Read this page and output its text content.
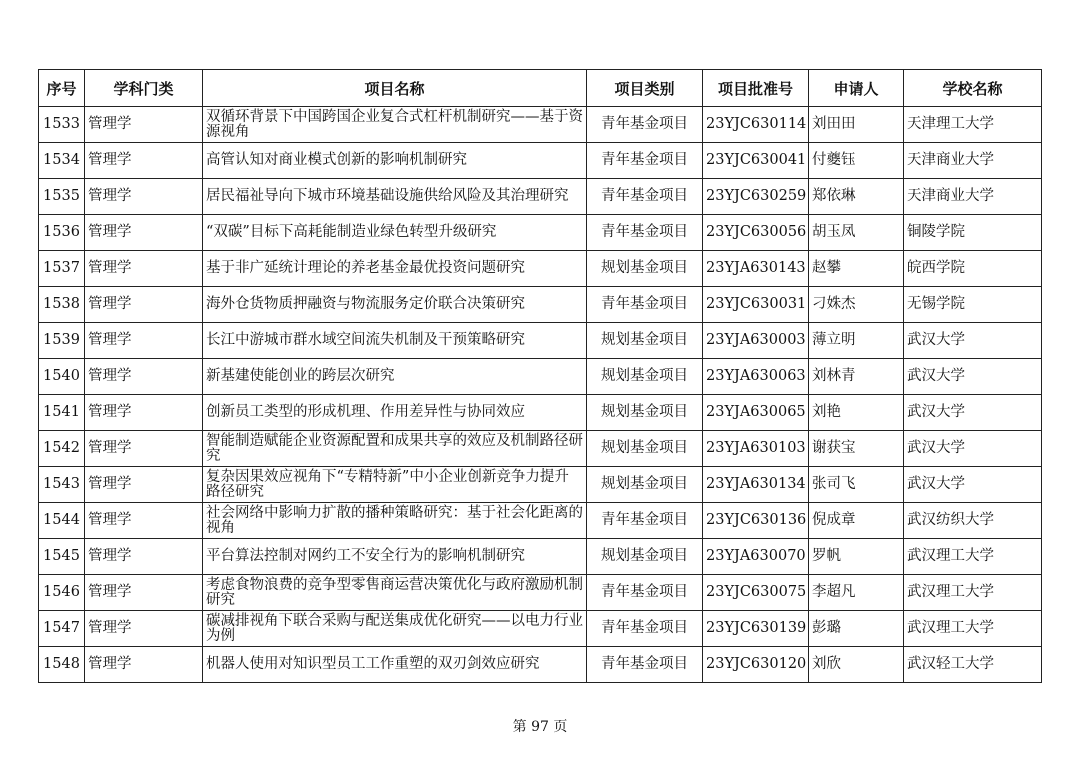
序号	学科门类	项目名称	项目类别	项目批准号	申请人	学校名称
1533	管理学	双循环背景下中国跨国企业复合式杠杆机制研究——基于资源视角	青年基金项目	23YJC630114	刘田田	天津理工大学
1534	管理学	高管认知对商业模式创新的影响机制研究	青年基金项目	23YJC630041	付夔钰	天津商业大学
1535	管理学	居民福祉导向下城市环境基础设施供给风险及其治理研究	青年基金项目	23YJC630259	郑依琳	天津商业大学
1536	管理学	“双碳”目标下高耗能制造业绿色转型升级研究	青年基金项目	23YJC630056	胡玉凤	铜陵学院
1537	管理学	基于非广延统计理论的养老基金最优投资问题研究	规划基金项目	23YJA630143	赵攀	皖西学院
1538	管理学	海外仓货物质押融资与物流服务定价联合决策研究	青年基金项目	23YJC630031	刁姝杰	无锡学院
1539	管理学	长江中游城市群水域空间流失机制及干预策略研究	规划基金项目	23YJA630003	薄立明	武汉大学
1540	管理学	新基建使能创业的跨层次研究	规划基金项目	23YJA630063	刘林青	武汉大学
1541	管理学	创新员工类型的形成机理、作用差异性与协同效应	规划基金项目	23YJA630065	刘艳	武汉大学
1542	管理学	智能制造赋能企业资源配置和成果共享的效应及机制路径研究	规划基金项目	23YJA630103	谢获宝	武汉大学
1543	管理学	复杂因果效应视角下“专精特新”中小企业创新竞争力提升路径研究	规划基金项目	23YJA630134	张司飞	武汉大学
1544	管理学	社会网络中影响力扩散的播种策略研究：基于社会化距离的视角	青年基金项目	23YJC630136	倪成章	武汉纺织大学
1545	管理学	平台算法控制对网约工不安全行为的影响机制研究	规划基金项目	23YJA630070	罗帆	武汉理工大学
1546	管理学	考虑食物浪费的竞争型零售商运营决策优化与政府激励机制研究	青年基金项目	23YJC630075	李超凡	武汉理工大学
1547	管理学	碳减排视角下联合采购与配送集成优化研究——以电力行业为例	青年基金项目	23YJC630139	彭璐	武汉理工大学
1548	管理学	机器人使用对知识型员工工作重塑的双刃剑效应研究	青年基金项目	23YJC630120	刘欣	武汉轻工大学
第 97 页
